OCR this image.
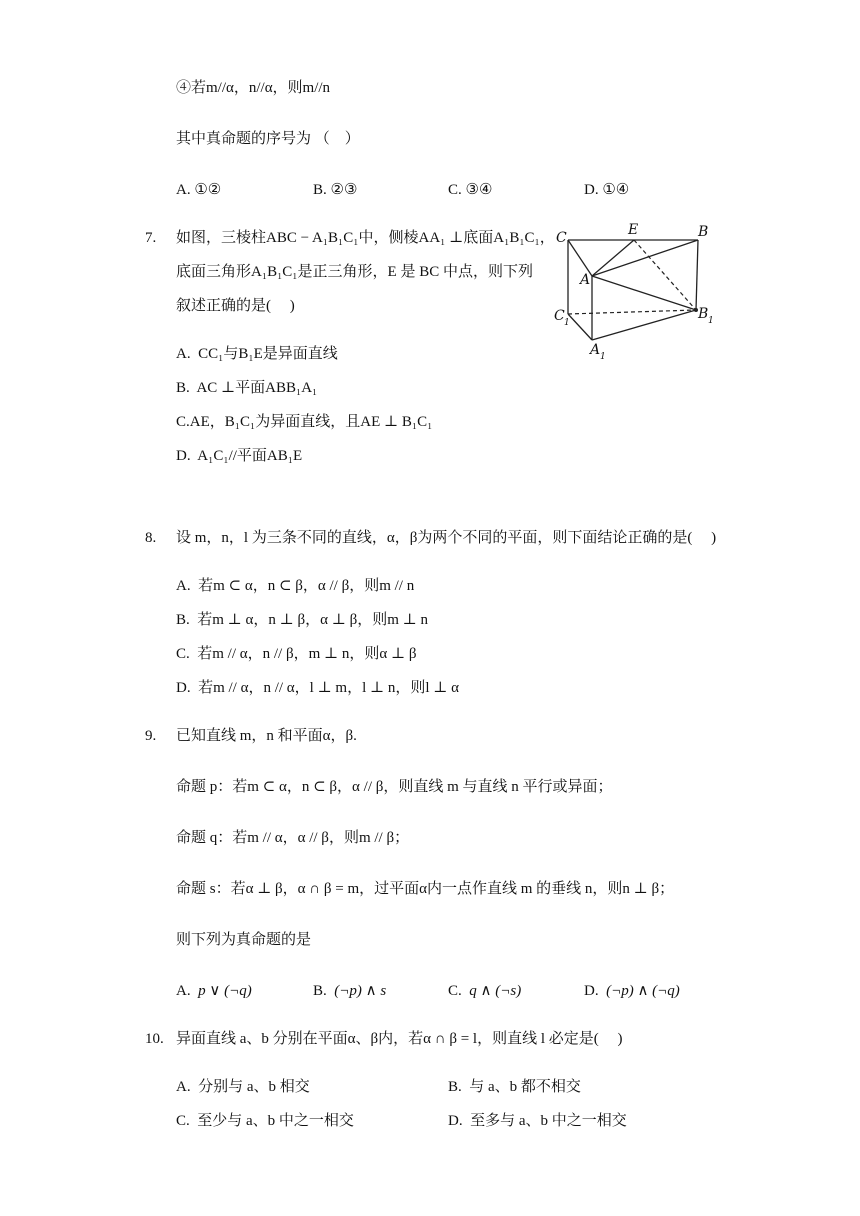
④若m//α，n//α，则m//n
其中真命题的序号为 （　）
A. ①②	B. ②③	C. ③④	D. ①④
7. 如图，三棱柱ABC − A₁B₁C₁中，侧棱AA₁ ⊥底面A₁B₁C₁，
底面三角形A₁B₁C₁是正三角形，E 是 BC 中点，则下列
叙述正确的是(　 )
C	E	B
A
C 1
B 1
A 1
A. CC₁与B₁E是异面直线
B. AC ⊥平面ABB₁A₁
C.AE，B₁C₁为异面直线，且AE ⊥ B₁C₁
D. A₁C₁//平面AB₁E
8. 设 m，n，l 为三条不同的直线，α，β为两个不同的平面，则下面结论正确的是(　 )
A. 若m ⊂ α，n ⊂ β，α // β，则m // n
B. 若m ⊥ α，n ⊥ β，α ⊥ β，则m ⊥ n
C. 若m // α，n // β，m ⊥ n，则α ⊥ β
D. 若m // α，n // α，l ⊥ m，l ⊥ n，则l ⊥ α
9. 已知直线 m，n 和平面α，β.
命题 p：若m ⊂ α，n ⊂ β，α // β，则直线 m 与直线 n 平行或异面；
命题 q：若m // α，α // β，则m // β；
命题 s：若α ⊥ β，α ∩ β = m，过平面α内一点作直线 m 的垂线 n，则n ⊥ β；
则下列为真命题的是
A. p ∨ (¬q)	B. (¬p) ∧ s	C. q ∧ (¬s)	D. (¬p) ∧ (¬q)
10. 异面直线 a、b 分别在平面α、β内，若α ∩ β = l，则直线 l 必定是(　 )
A. 分别与 a、b 相交	B. 与 a、b 都不相交
C. 至少与 a、b 中之一相交	D. 至多与 a、b 中之一相交
